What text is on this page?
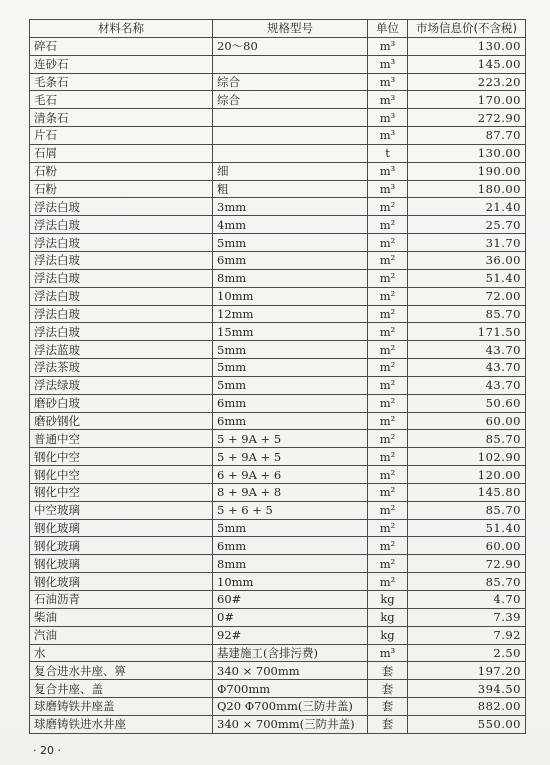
材料名称	规格型号	单位	市场信息价(不含税)
碎石	20～80	m³	130.00
连砂石		m³	145.00
毛条石	综合	m³	223.20
毛石	综合	m³	170.00
清条石		m³	272.90
片石		m³	87.70
石屑		t	130.00
石粉	细	m³	190.00
石粉	粗	m³	180.00
浮法白玻	3mm	m²	21.40
浮法白玻	4mm	m²	25.70
浮法白玻	5mm	m²	31.70
浮法白玻	6mm	m²	36.00
浮法白玻	8mm	m²	51.40
浮法白玻	10mm	m²	72.00
浮法白玻	12mm	m²	85.70
浮法白玻	15mm	m²	171.50
浮法蓝玻	5mm	m²	43.70
浮法茶玻	5mm	m²	43.70
浮法绿玻	5mm	m²	43.70
磨砂白玻	6mm	m²	50.60
磨砂钢化	6mm	m²	60.00
普通中空	5 + 9A + 5	m²	85.70
钢化中空	5 + 9A + 5	m²	102.90
钢化中空	6 + 9A + 6	m²	120.00
钢化中空	8 + 9A + 8	m²	145.80
中空玻璃	5 + 6 + 5	m²	85.70
钢化玻璃	5mm	m²	51.40
钢化玻璃	6mm	m²	60.00
钢化玻璃	8mm	m²	72.90
钢化玻璃	10mm	m²	85.70
石油沥青	60#	kg	4.70
柴油	0#	kg	7.39
汽油	92#	kg	7.92
水	基建施工(含排污费)	m³	2.50
复合进水井座、箅	340 × 700mm	套	197.20
复合井座、盖	Φ700mm	套	394.50
球磨铸铁井座盖	Q20 Φ700mm(三防井盖)	套	882.00
球磨铸铁进水井座	340 × 700mm(三防井盖)	套	550.00
· 20 ·
